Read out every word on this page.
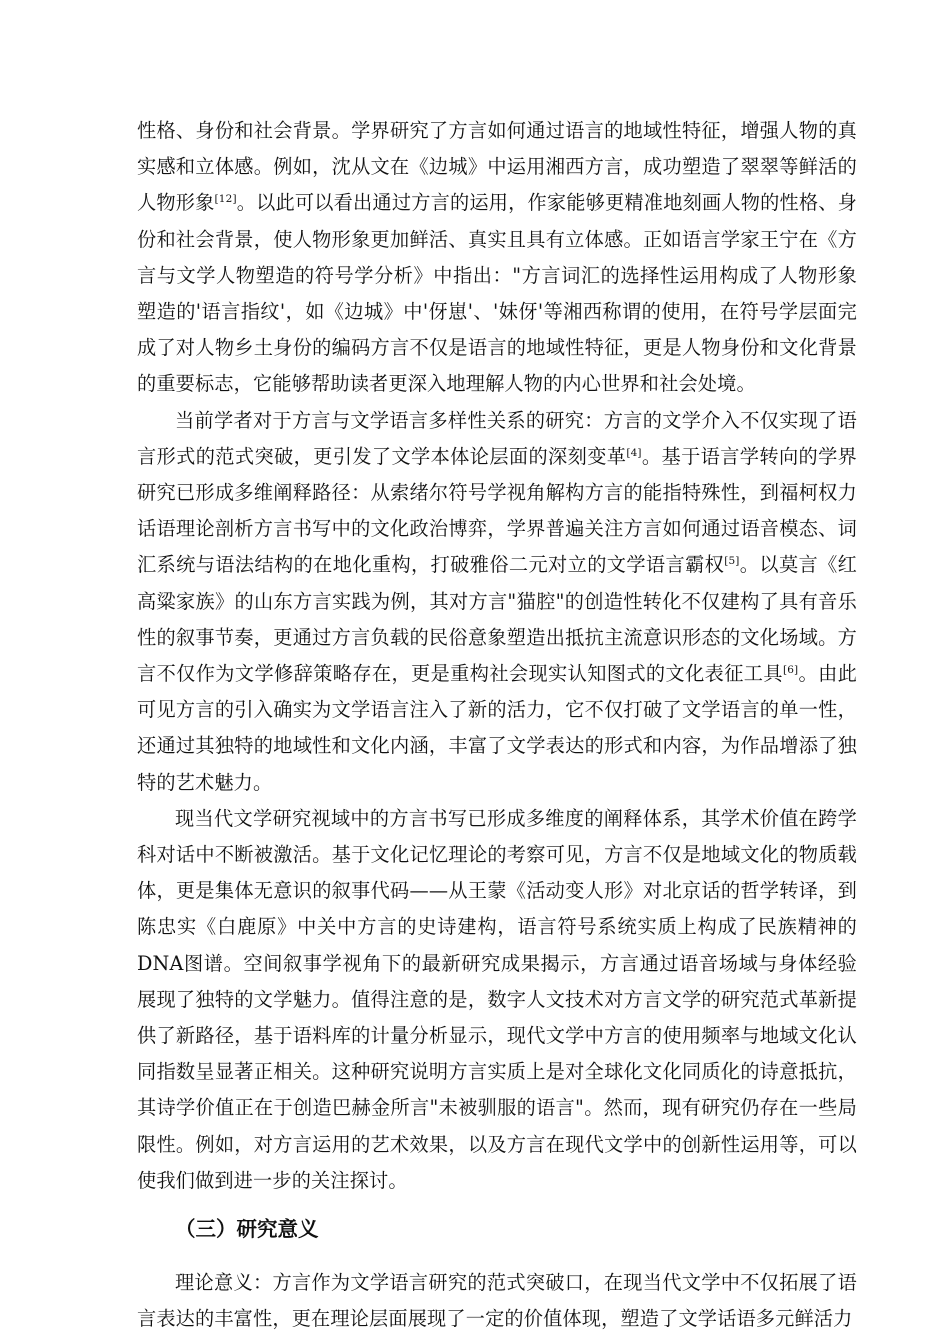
性格、身份和社会背景。学界研究了方言如何通过语言的地域性特征，增强人物的真实感和立体感。例如，沈从文在《边城》中运用湘西方言，成功塑造了翠翠等鲜活的人物形象[12]。以此可以看出通过方言的运用，作家能够更精准地刻画人物的性格、身份和社会背景，使人物形象更加鲜活、真实且具有立体感。正如语言学家王宁在《方言与文学人物塑造的符号学分析》中指出："方言词汇的选择性运用构成了人物形象塑造的'语言指纹'，如《边城》中'伢崽'、'妹伢'等湘西称谓的使用，在符号学层面完成了对人物乡土身份的编码方言不仅是语言的地域性特征，更是人物身份和文化背景的重要标志，它能够帮助读者更深入地理解人物的内心世界和社会处境。

当前学者对于方言与文学语言多样性关系的研究：方言的文学介入不仅实现了语言形式的范式突破，更引发了文学本体论层面的深刻变革[4]。基于语言学转向的学界研究已形成多维阐释路径：从索绪尔符号学视角解构方言的能指特殊性，到福柯权力话语理论剖析方言书写中的文化政治博弈，学界普遍关注方言如何通过语音模态、词汇系统与语法结构的在地化重构，打破雅俗二元对立的文学语言霸权[5]。以莫言《红高粱家族》的山东方言实践为例，其对方言"猫腔"的创造性转化不仅建构了具有音乐性的叙事节奏，更通过方言负载的民俗意象塑造出抵抗主流意识形态的文化场域。方言不仅作为文学修辞策略存在，更是重构社会现实认知图式的文化表征工具[6]。由此可见方言的引入确实为文学语言注入了新的活力，它不仅打破了文学语言的单一性，还通过其独特的地域性和文化内涵，丰富了文学表达的形式和内容，为作品增添了独特的艺术魅力。

现当代文学研究视域中的方言书写已形成多维度的阐释体系，其学术价值在跨学科对话中不断被激活。基于文化记忆理论的考察可见，方言不仅是地域文化的物质载体，更是集体无意识的叙事代码——从王蒙《活动变人形》对北京话的哲学转译，到陈忠实《白鹿原》中关中方言的史诗建构，语言符号系统实质上构成了民族精神的DNA图谱。空间叙事学视角下的最新研究成果揭示，方言通过语音场域与身体经验展现了独特的文学魅力。值得注意的是，数字人文技术对方言文学的研究范式革新提供了新路径，基于语料库的计量分析显示，现代文学中方言的使用频率与地域文化认同指数呈显著正相关。这种研究说明方言实质上是对全球化文化同质化的诗意抵抗，其诗学价值正在于创造巴赫金所言"未被驯服的语言"。然而，现有研究仍存在一些局限性。例如，对方言运用的艺术效果，以及方言在现代文学中的创新性运用等，可以使我们做到进一步的关注探讨。

（三）研究意义

理论意义：方言作为文学语言研究的范式突破口，在现当代文学中不仅拓展了语言表达的丰富性，更在理论层面展现了一定的价值体现，塑造了文学话语多元鲜活力
